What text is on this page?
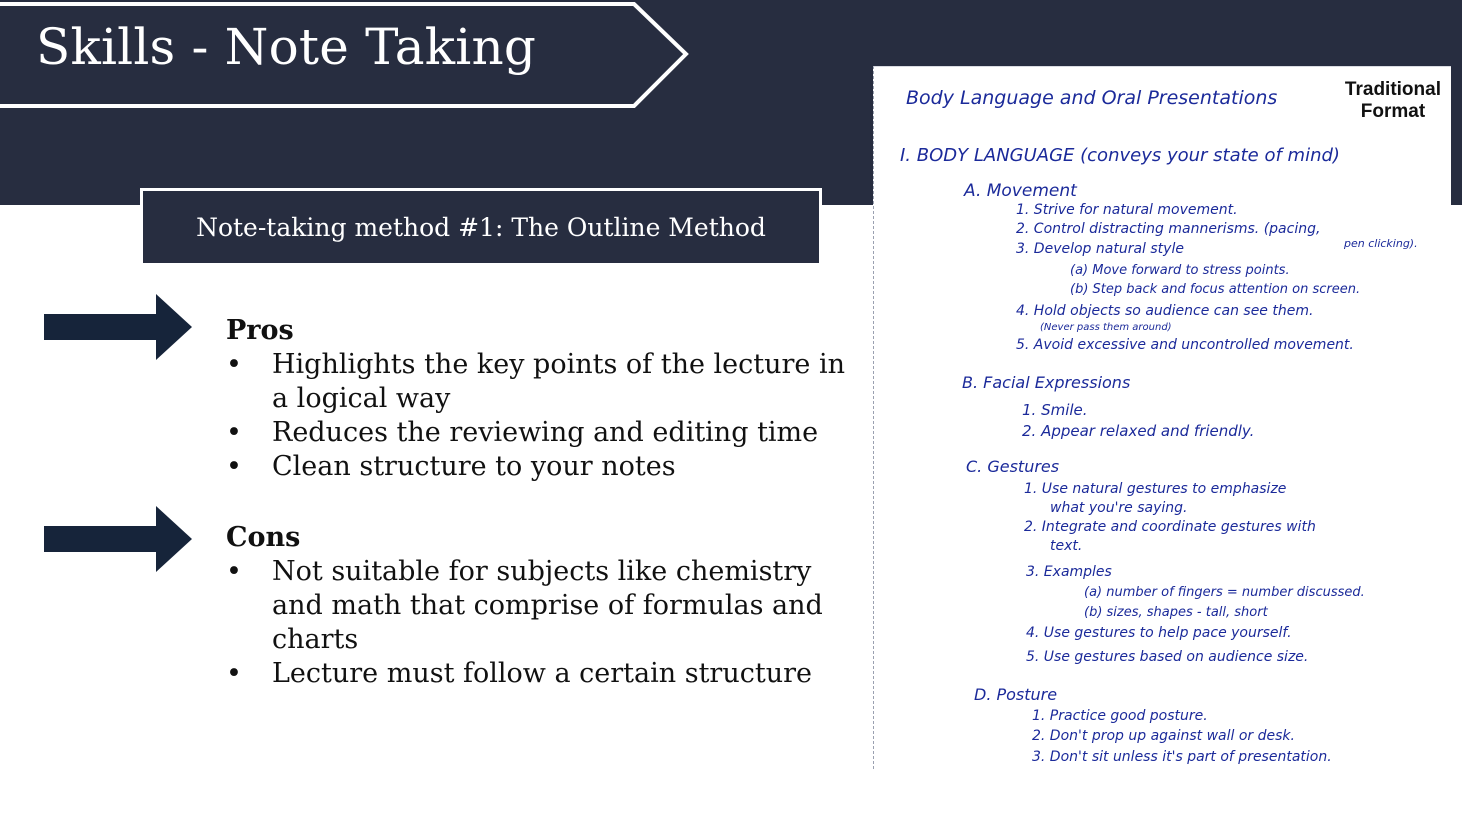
Skills - Note Taking
Note-taking method #1: The Outline Method
Pros
• Highlights the key points of the lecture in a logical way
• Reduces the reviewing and editing time
• Clean structure to your notes
Cons
• Not suitable for subjects like chemistry and math that comprise of formulas and charts
• Lecture must follow a certain structure
Traditional
Format
Body Language and Oral Presentations
I. BODY LANGUAGE (conveys your state of mind)
A. Movement
1. Strive for natural movement.
2. Control distracting mannerisms. (pacing,
pen clicking).
3. Develop natural style
(a) Move forward to stress points.
(b) Step back and focus attention on screen.
4. Hold objects so audience can see them.
(Never pass them around)
5. Avoid excessive and uncontrolled movement.
B. Facial Expressions
1. Smile.
2. Appear relaxed and friendly.
C. Gestures
1. Use natural gestures to emphasize
what you're saying.
2. Integrate and coordinate gestures with
text.
3. Examples
(a) number of fingers = number discussed.
(b) sizes, shapes - tall, short
4. Use gestures to help pace yourself.
5. Use gestures based on audience size.
D. Posture
1. Practice good posture.
2. Don't prop up against wall or desk.
3. Don't sit unless it's part of presentation.
